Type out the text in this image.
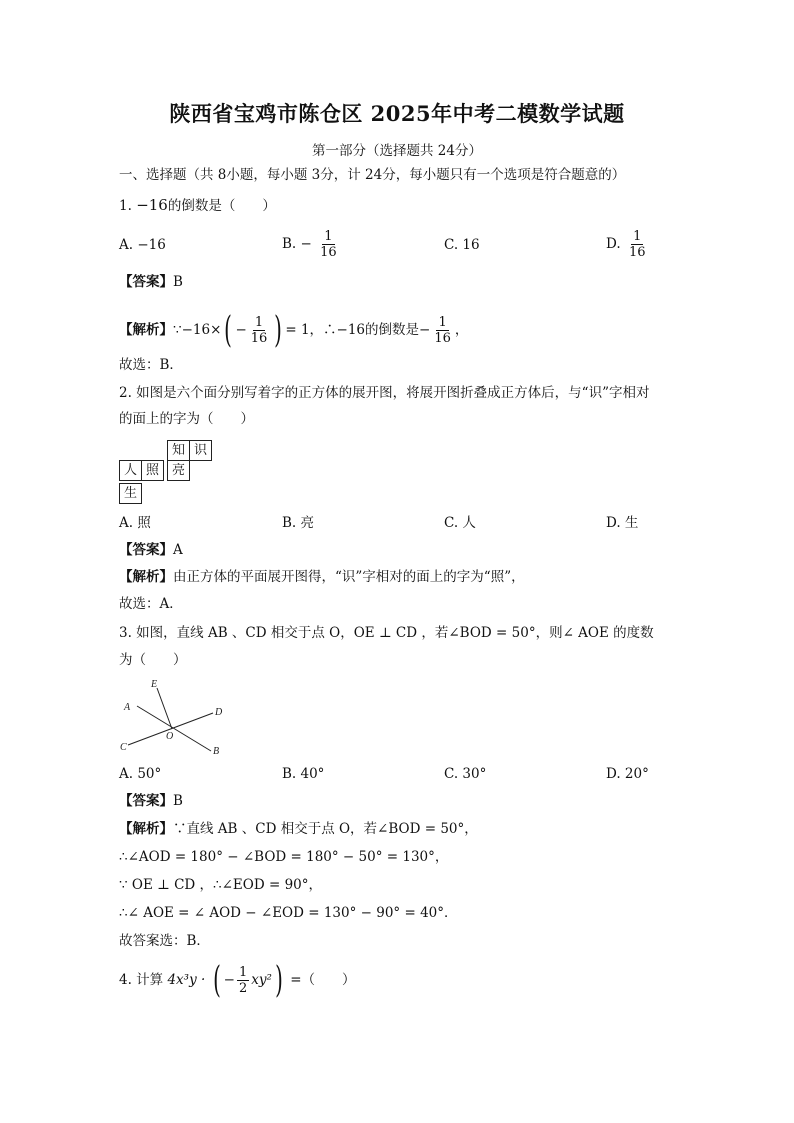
陕西省宝鸡市陈仓区 2025年中考二模数学试题
第一部分（选择题共 24分）
一、选择题（共 8小题，每小题 3分，计 24分，每小题只有一个选项是符合题意的）
1. −16的倒数是（　　）
A. −16	B. − $\frac{1}{16}$	C. 16	D. $\frac{1}{16}$
【答案】B
【解析】∵−16×( − $\frac{1}{16}$ ) = 1，∴−16的倒数是− $\frac{1}{16}$ ，
故选：B．
2. 如图是六个面分别写着字的正方体的展开图，将展开图折叠成正方体后，与“识”字相对
的面上的字为（　　）
知 识
人 照 亮
生
A. 照	B. 亮	C. 人	D. 生
【答案】A
【解析】由正方体的平面展开图得，“识”字相对的面上的字为“照”，
故选：A．
3. 如图，直线 AB 、CD 相交于点 O，OE ⊥ CD ，若∠BOD = 50°，则∠ AOE 的度数
为（　　）
E
A	D
O
C	B
A. 50°	B. 40°	C. 30°	D. 20°
【答案】B
【解析】∵直线 AB 、CD 相交于点 O，若∠BOD = 50°，
∴∠AOD = 180° − ∠BOD = 180° − 50° = 130°，
∵ OE ⊥ CD ，∴∠EOD = 90°，
∴∠ AOE = ∠ AOD − ∠EOD = 130° − 90° = 40°．
故答案选：B．
4. 计算 4x³y · ( − $\frac{1}{2} xy^2$) =（　　）
